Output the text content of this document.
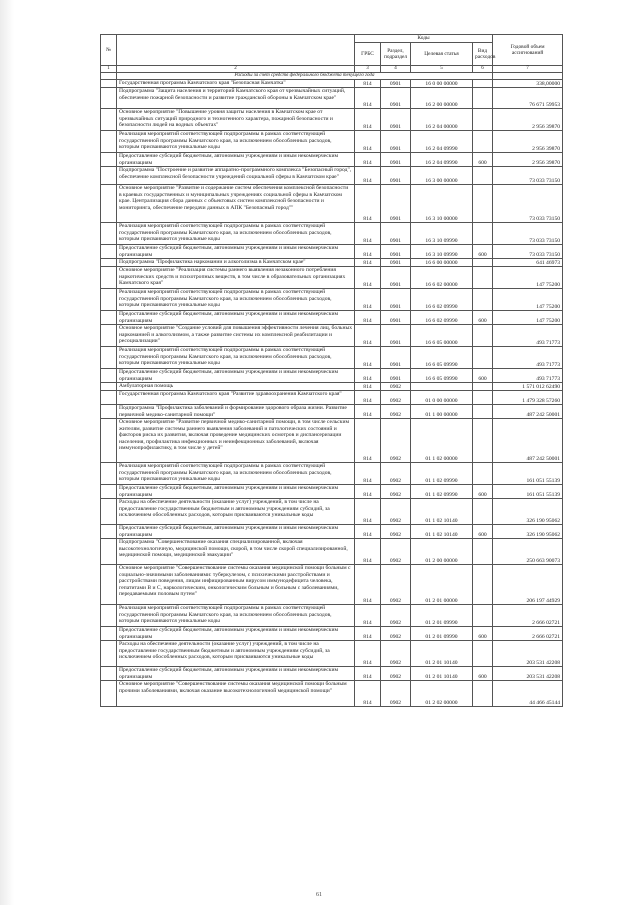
№		Коды				Годовой объем ассигнований
		ГРБС	Раздел, подраздел	Целевая статья	Вид расходов	
1	2	3	4	5	6	7
	Расходы за счет средств федерального бюджета текущего года					
	Государственная программа Камчатского края "Безопасная Камчатка"	814	0901	16 0 00 00000		338,00000
	Подпрограмма "Защита населения и территорий Камчатского края от чрезвычайных ситуаций, обеспечение пожарной безопасности и развитие гражданской обороны в Камчатском крае"	814	0901	16 2 00 00000		76 671 59953
	Основное мероприятие "Повышение уровня защиты населения в Камчатском крае от чрезвычайных ситуаций природного и техногенного характера, пожарной безопасности и безопасности людей на водных объектах"	814	0901	16 2 04 00000		2 956 39870
	Реализация мероприятий соответствующей подпрограммы в рамках соответствующей государственной программы Камчатского края, за исключением обособленных расходов, которым присваиваются уникальные коды	814	0901	16 2 04 09990		2 956 39870
	Предоставление субсидий бюджетным, автономным учреждениям и иным некоммерческим организациям	814	0901	16 2 04 09990	600	2 956 39870
	Подпрограмма "Построение и развитие аппаратно-программного комплекса "Безопасный город", обеспечение комплексной безопасности учреждений социальной сферы в Камчатском крае"	814	0901	16 3 00 00000		73 033 73150
	Основное мероприятие "Развитие и содержание систем обеспечения комплексной безопасности в краевых государственных и муниципальных учреждениях социальной сферы в Камчатском крае. Централизация сбора данных с объектовых систем комплексной безопасности и мониторинга, обеспечение передачи данных в АПК "Безопасный город""	814	0901	16 3 10 00000		73 033 73150
	Реализация мероприятий соответствующей подпрограммы в рамках соответствующей государственной программы Камчатского края, за исключением обособленных расходов, которым присваиваются уникальные коды	814	0901	16 3 10 09990		73 033 73150
	Предоставление субсидий бюджетным, автономным учреждениям и иным некоммерческим организациям	814	0901	16 3 10 09990	600	73 033 73150
	Подпрограмма "Профилактика наркомании и алкоголизма в Камчатском крае"	814	0901	16 6 00 00000		641 46973
	Основное мероприятие "Реализация системы раннего выявления незаконного потребления наркотических средств и психотропных веществ, в том числе в образовательных организациях Камчатского края"	814	0901	16 6 02 00000		147 75200
	Реализация мероприятий соответствующей подпрограммы в рамках соответствующей государственной программы Камчатского края, за исключением обособленных расходов, которым присваиваются уникальные коды	814	0901	16 6 02 09990		147 75200
	Предоставление субсидий бюджетным, автономным учреждениям и иным некоммерческим организациям	814	0901	16 6 02 09990	600	147 75200
	Основное мероприятие "Создание условий для повышения эффективности лечения лиц, больных наркоманией и алкоголизмом, а также развитие системы их комплексной реабилитации и ресоциализации"	814	0901	16 6 05 00000		493 71773
	Реализация мероприятий соответствующей подпрограммы в рамках соответствующей государственной программы Камчатского края, за исключением обособленных расходов, которым присваиваются уникальные коды	814	0901	16 6 05 09990		493 71773
	Предоставление субсидий бюджетным, автономным учреждениям и иным некоммерческим организациям	814	0901	16 6 05 09990	600	493 71773
	Амбулаторная помощь	814	0902			1 571 012 62490
	Государственная программа Камчатского края "Развитие здравоохранения Камчатского края"	814	0902	01 0 00 00000		1 479 328 57260
	Подпрограмма "Профилактика заболеваний и формирование здорового образа жизни. Развитие первичной медико-санитарной помощи"	814	0902	01 1 00 00000		487 242 50001
	Основное мероприятие "Развитие первичной медико-санитарной помощи, в том числе сельским жителям, развитие системы раннего выявления заболеваний и патологических состояний и факторов риска их развития, включая проведение медицинских осмотров и диспансеризации населения, профилактика инфекционных и неинфекционных заболеваний, включая иммунопрофилактику, в том числе у детей"	814	0902	01 1 02 00000		487 242 50001
	Реализация мероприятий соответствующей подпрограммы в рамках соответствующей государственной программы Камчатского края, за исключением обособленных расходов, которым присваиваются уникальные коды	814	0902	01 1 02 09990		161 051 55139
	Предоставление субсидий бюджетным, автономным учреждениям и иным некоммерческим организациям	814	0902	01 1 02 09990	600	161 051 55139
	Расходы на обеспечение деятельности (оказание услуг) учреждений, в том числе на предоставление государственным бюджетным и автономным учреждениям субсидий, за исключением обособленных расходов, которым присваиваются уникальные коды	814	0902	01 1 02 10140		326 190 95062
	Предоставление субсидий бюджетным, автономным учреждениям и иным некоммерческим организациям	814	0902	01 1 02 10140	600	326 190 95062
	Подпрограмма "Совершенствование оказания специализированной, включая высокотехнологичную, медицинской помощи, скорой, в том числе скорой специализированной, медицинской помощи, медицинской эвакуации"	814	0902	01 2 00 00000		250 663 90073
	Основное мероприятие "Совершенствование системы оказания медицинской помощи больным с социально-значимыми заболеваниями: туберкулезом, с психическими расстройствами и расстройствами поведения, лицам инфицированным вирусом иммунодефицита человека, гепатитами В и С, наркологическим, онкологическим больным и больным с заболеваниями, передаваемыми половым путем"	814	0902	01 2 01 00000		206 197 44929
	Реализация мероприятий соответствующей подпрограммы в рамках соответствующей государственной программы Камчатского края, за исключением обособленных расходов, которым присваиваются уникальные коды	814	0902	01 2 01 09990		2 666 02721
	Предоставление субсидий бюджетным, автономным учреждениям и иным некоммерческим организациям	814	0902	01 2 01 09990	600	2 666 02721
	Расходы на обеспечение деятельности (оказание услуг) учреждений, в том числе на предоставление государственным бюджетным и автономным учреждениям субсидий, за исключением обособленных расходов, которым присваиваются уникальные коды	814	0902	01 2 01 10140		203 531 42208
	Предоставление субсидий бюджетным, автономным учреждениям и иным некоммерческим организациям	814	0902	01 2 01 10140	600	203 531 42208
	Основное мероприятие "Совершенствование системы оказания медицинской помощи больным прочими заболеваниями, включая оказание высокотехнологичной медицинской помощи"	814	0902	01 2 02 00000		44 466 45144
61
